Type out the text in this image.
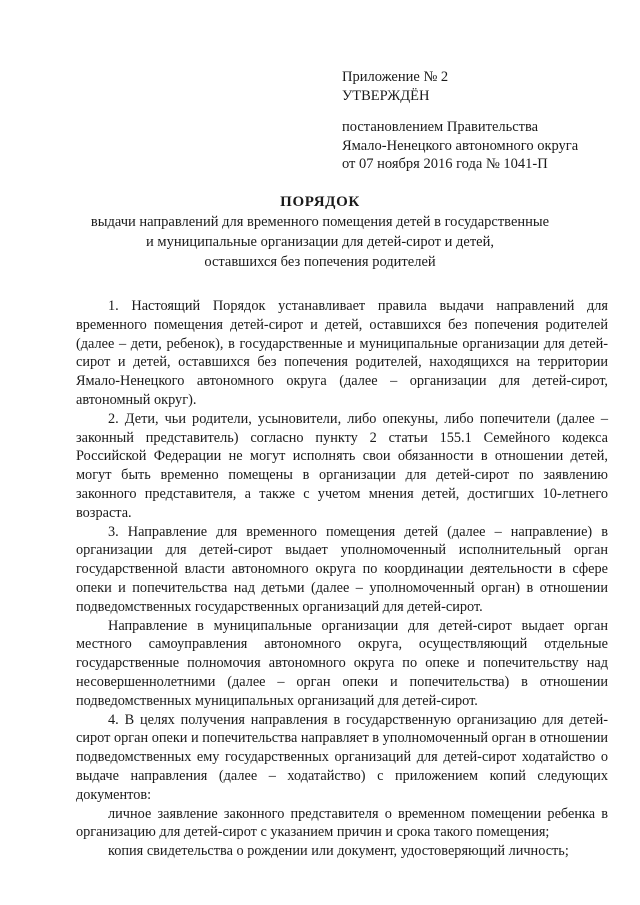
Приложение № 2
УТВЕРЖДЁН
постановлением Правительства
Ямало-Ненецкого автономного округа
от 07 ноября 2016 года № 1041-П
ПОРЯДОК
выдачи направлений для временного помещения детей в государственные
и муниципальные организации для детей-сирот и детей,
оставшихся без попечения родителей

1. Настоящий Порядок устанавливает правила выдачи направлений для временного помещения детей-сирот и детей, оставшихся без попечения родителей (далее – дети, ребенок), в государственные и муниципальные организации для детей-сирот и детей, оставшихся без попечения родителей, находящихся на территории Ямало-Ненецкого автономного округа (далее – организации для детей-сирот, автономный округ).

2. Дети, чьи родители, усыновители, либо опекуны, либо попечители (далее – законный представитель) согласно пункту 2 статьи 155.1 Семейного кодекса Российской Федерации не могут исполнять свои обязанности в отношении детей, могут быть временно помещены в организации для детей-сирот по заявлению законного представителя, а также с учетом мнения детей, достигших 10-летнего возраста.

3. Направление для временного помещения детей (далее – направление) в организации для детей-сирот выдает уполномоченный исполнительный орган государственной власти автономного округа по координации деятельности в сфере опеки и попечительства над детьми (далее – уполномоченный орган) в отношении подведомственных государственных организаций для детей-сирот.

Направление в муниципальные организации для детей-сирот выдает орган местного самоуправления автономного округа, осуществляющий отдельные государственные полномочия автономного округа по опеке и попечительству над несовершеннолетними (далее – орган опеки и попечительства) в отношении подведомственных муниципальных организаций для детей-сирот.

4. В целях получения направления в государственную организацию для детей-сирот орган опеки и попечительства направляет в уполномоченный орган в отношении подведомственных ему государственных организаций для детей-сирот ходатайство о выдаче направления (далее – ходатайство) с приложением копий следующих документов:

личное заявление законного представителя о временном помещении ребенка в организацию для детей-сирот с указанием причин и срока такого помещения;

копия свидетельства о рождении или документ, удостоверяющий личность;
